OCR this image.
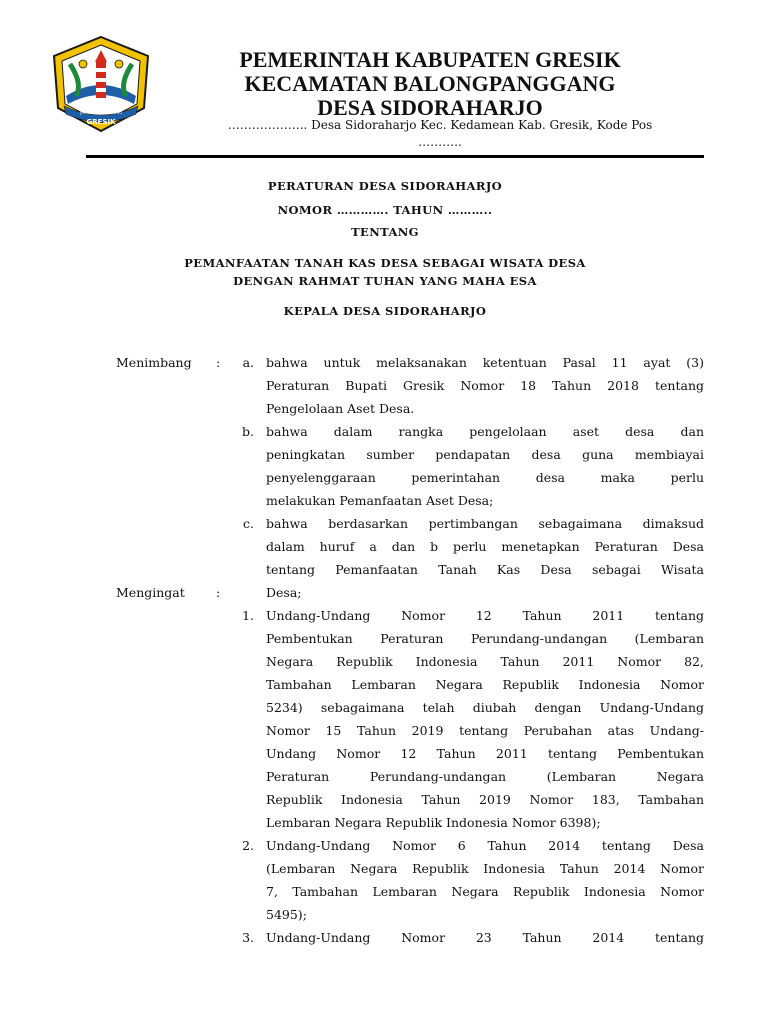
JAYA SATRIA BESTARI
GRESIK
PEMERINTAH KABUPATEN GRESIK
KECAMATAN BALONGPANGGANG
DESA SIDORAHARJO
……………….. Desa Sidoraharjo Kec. Kedamean Kab. Gresik, Kode Pos
………..
PERATURAN DESA SIDORAHARJO
NOMOR …………. TAHUN ………..
TENTANG
PEMANFAATAN TANAH KAS DESA SEBAGAI WISATA DESA
DENGAN RAHMAT TUHAN YANG MAHA ESA
KEPALA DESA SIDORAHARJO
Menimbang :	a. bahwa untuk melaksanakan ketentuan Pasal 11 ayat (3)
Peraturan Bupati Gresik Nomor 18 Tahun 2018 tentang
Pengelolaan Aset Desa.
b. bahwa dalam rangka pengelolaan aset desa dan
peningkatan sumber pendapatan desa guna membiayai
penyelenggaraan pemerintahan desa maka perlu
melakukan Pemanfaatan Aset Desa;
c. bahwa berdasarkan pertimbangan sebagaimana dimaksud
dalam huruf a dan b perlu menetapkan Peraturan Desa
tentang Pemanfaatan Tanah Kas Desa sebagai Wisata
Desa;
Mengingat :
1. Undang-Undang Nomor 12 Tahun 2011 tentang
Pembentukan Peraturan Perundang-undangan (Lembaran
Negara Republik Indonesia Tahun 2011 Nomor 82,
Tambahan Lembaran Negara Republik Indonesia Nomor
5234) sebagaimana telah diubah dengan Undang-Undang
Nomor 15 Tahun 2019 tentang Perubahan atas Undang-
Undang Nomor 12 Tahun 2011 tentang Pembentukan
Peraturan Perundang-undangan (Lembaran Negara
Republik Indonesia Tahun 2019 Nomor 183, Tambahan
Lembaran Negara Republik Indonesia Nomor 6398);
2. Undang-Undang Nomor 6 Tahun 2014 tentang Desa
(Lembaran Negara Republik Indonesia Tahun 2014 Nomor
7, Tambahan Lembaran Negara Republik Indonesia Nomor
5495);
3. Undang-Undang Nomor 23 Tahun 2014 tentang
